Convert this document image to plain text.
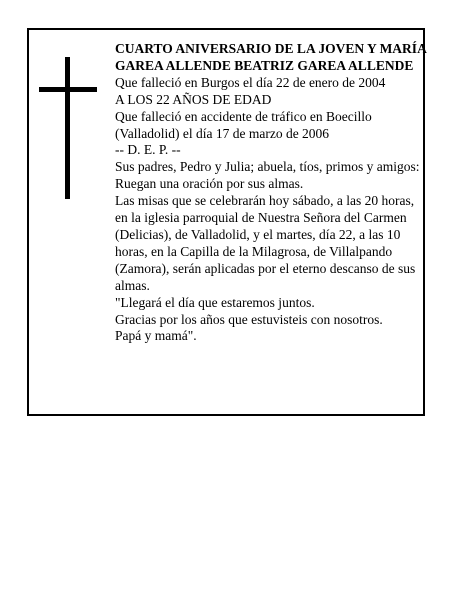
CUARTO ANIVERSARIO DE LA JOVEN Y MARÍA GAREA ALLENDE BEATRIZ GAREA ALLENDE

Que falleció en Burgos el día 22 de enero de 2004

A LOS 22 AÑOS DE EDAD

Que falleció en accidente de tráfico en Boecillo (Valladolid) el día 17 de marzo de 2006

-- D. E. P. --

Sus padres, Pedro y Julia; abuela, tíos, primos y amigos: Ruegan una oración por sus almas.

Las misas que se celebrarán hoy sábado, a las 20 horas, en la iglesia parroquial de Nuestra Señora del Carmen (Delicias), de Valladolid, y el martes, día 22, a las 10 horas, en la Capilla de la Milagrosa, de Villalpando (Zamora), serán aplicadas por el eterno descanso de sus almas.

"Llegará el día que estaremos juntos.

Gracias por los años que estuvisteis con nosotros.

Papá y mamá".
